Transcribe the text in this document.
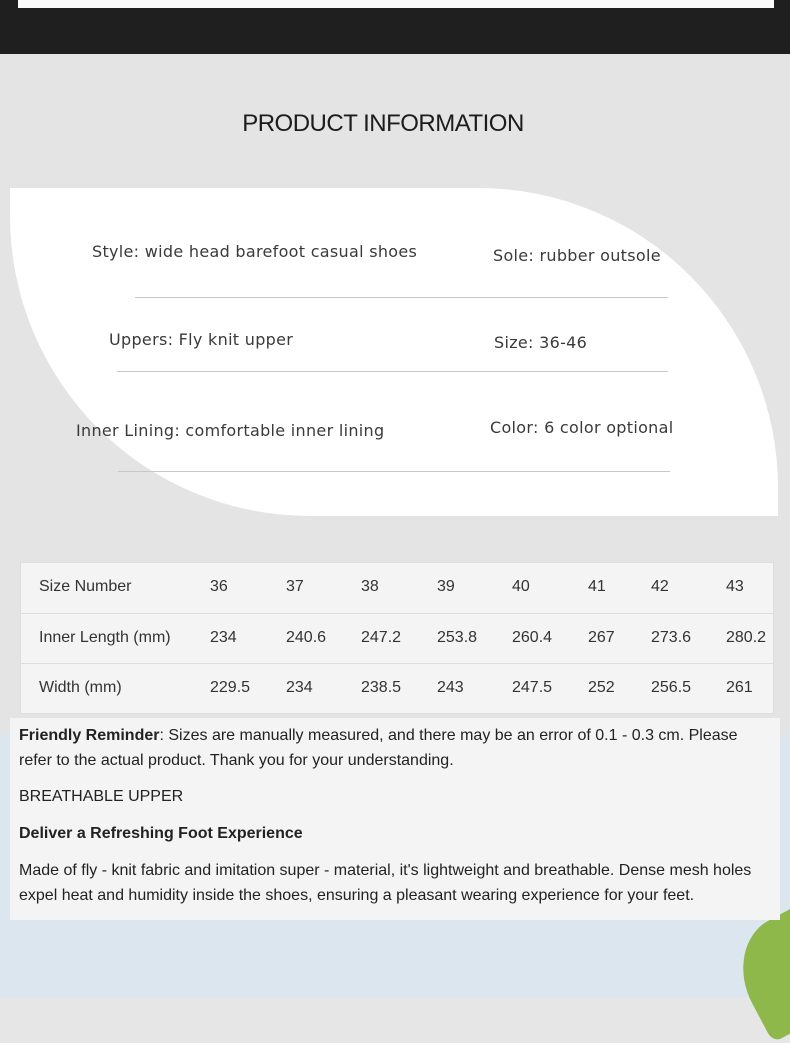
PRODUCT INFORMATION
Style: wide head barefoot casual shoes	Sole: rubber outsole
Uppers: Fly knit upper	Size: 36-46
Inner Lining: comfortable inner lining	Color: 6 color optional
Size Number	36	37	38	39	40	41	42	43
Inner Length (mm) 234	240.6 247.2 253.8 260.4 267 273.6 280.2
Width (mm)	229.5 234	238.5 243	247.5 252 256.5 261
Friendly Reminder: Sizes are manually measured, and there may be an error of 0.1 - 0.3 cm. Please refer to the actual product. Thank you for your understanding.
BREATHABLE UPPER
Deliver a Refreshing Foot Experience
Made of fly - knit fabric and imitation super - material, it's lightweight and breathable. Dense mesh holes expel heat and humidity inside the shoes, ensuring a pleasant wearing experience for your feet.
